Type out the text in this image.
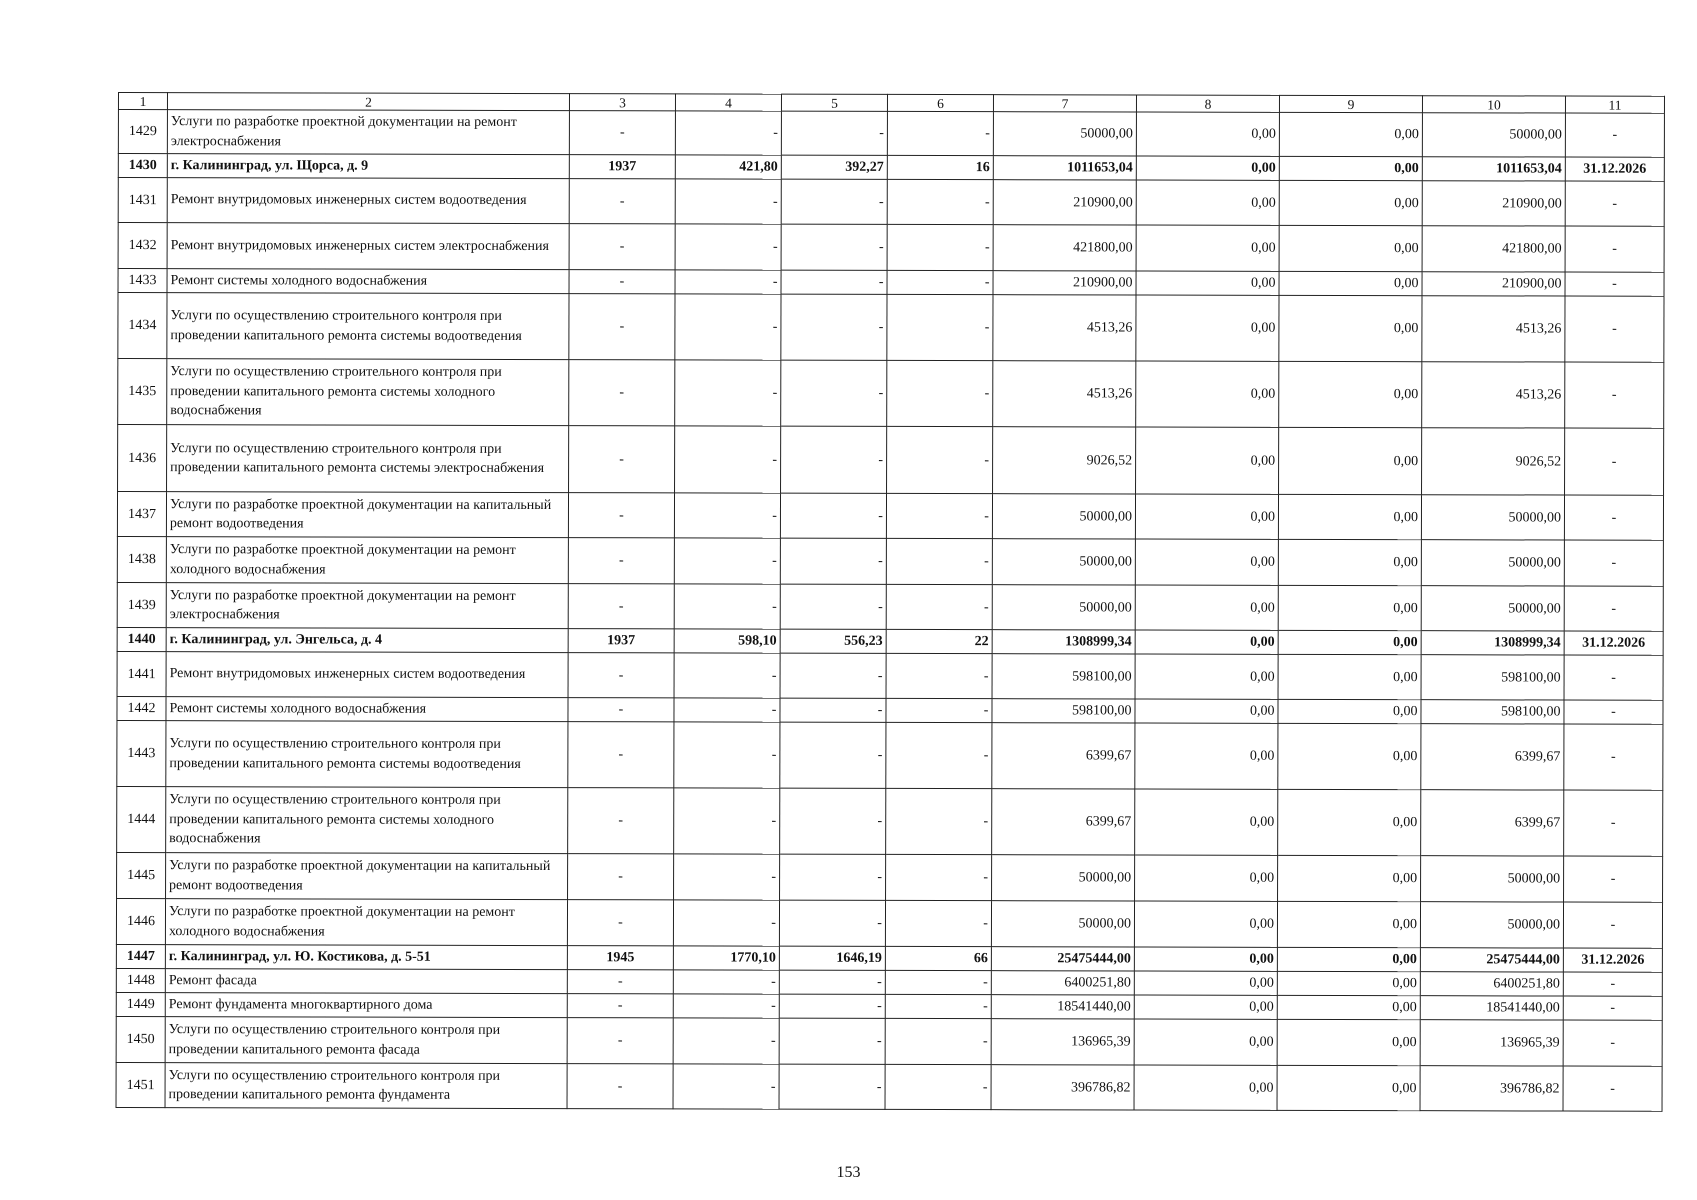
1	2	3	4	5	6	7	8	9	10	11
1429	Услуги по разработке проектной документации на ремонт электроснабжения	-	-	-	-	50000,00	0,00	0,00	50000,00	-
1430	г. Калининград, ул. Щорса, д. 9	1937	421,80	392,27	16	1011653,04	0,00	0,00	1011653,04	31.12.2026
1431	Ремонт внутридомовых инженерных систем водоотведения	-	-	-	-	210900,00	0,00	0,00	210900,00	-
1432	Ремонт внутридомовых инженерных систем электроснабжения	-	-	-	-	421800,00	0,00	0,00	421800,00	-
1433	Ремонт системы холодного водоснабжения	-	-	-	-	210900,00	0,00	0,00	210900,00	-
1434	Услуги по осуществлению строительного контроля при проведении капитального ремонта системы водоотведения	-	-	-	-	4513,26	0,00	0,00	4513,26	-
1435	Услуги по осуществлению строительного контроля при проведении капитального ремонта системы холодного водоснабжения	-	-	-	-	4513,26	0,00	0,00	4513,26	-
1436	Услуги по осуществлению строительного контроля при проведении капитального ремонта системы электроснабжения	-	-	-	-	9026,52	0,00	0,00	9026,52	-
1437	Услуги по разработке проектной документации на капитальный ремонт водоотведения	-	-	-	-	50000,00	0,00	0,00	50000,00	-
1438	Услуги по разработке проектной документации на ремонт холодного водоснабжения	-	-	-	-	50000,00	0,00	0,00	50000,00	-
1439	Услуги по разработке проектной документации на ремонт электроснабжения	-	-	-	-	50000,00	0,00	0,00	50000,00	-
1440	г. Калининград, ул. Энгельса, д. 4	1937	598,10	556,23	22	1308999,34	0,00	0,00	1308999,34	31.12.2026
1441	Ремонт внутридомовых инженерных систем водоотведения	-	-	-	-	598100,00	0,00	0,00	598100,00	-
1442	Ремонт системы холодного водоснабжения	-	-	-	-	598100,00	0,00	0,00	598100,00	-
1443	Услуги по осуществлению строительного контроля при проведении капитального ремонта системы водоотведения	-	-	-	-	6399,67	0,00	0,00	6399,67	-
1444	Услуги по осуществлению строительного контроля при проведении капитального ремонта системы холодного водоснабжения	-	-	-	-	6399,67	0,00	0,00	6399,67	-
1445	Услуги по разработке проектной документации на капитальный ремонт водоотведения	-	-	-	-	50000,00	0,00	0,00	50000,00	-
1446	Услуги по разработке проектной документации на ремонт холодного водоснабжения	-	-	-	-	50000,00	0,00	0,00	50000,00	-
1447	г. Калининград, ул. Ю. Костикова, д. 5-51	1945	1770,10	1646,19	66	25475444,00	0,00	0,00	25475444,00	31.12.2026
1448	Ремонт фасада	-	-	-	-	6400251,80	0,00	0,00	6400251,80	-
1449	Ремонт фундамента многоквартирного дома	-	-	-	-	18541440,00	0,00	0,00	18541440,00	-
1450	Услуги по осуществлению строительного контроля при проведении капитального ремонта фасада	-	-	-	-	136965,39	0,00	0,00	136965,39	-
1451	Услуги по осуществлению строительного контроля при проведении капитального ремонта фундамента	-	-	-	-	396786,82	0,00	0,00	396786,82	-
153
